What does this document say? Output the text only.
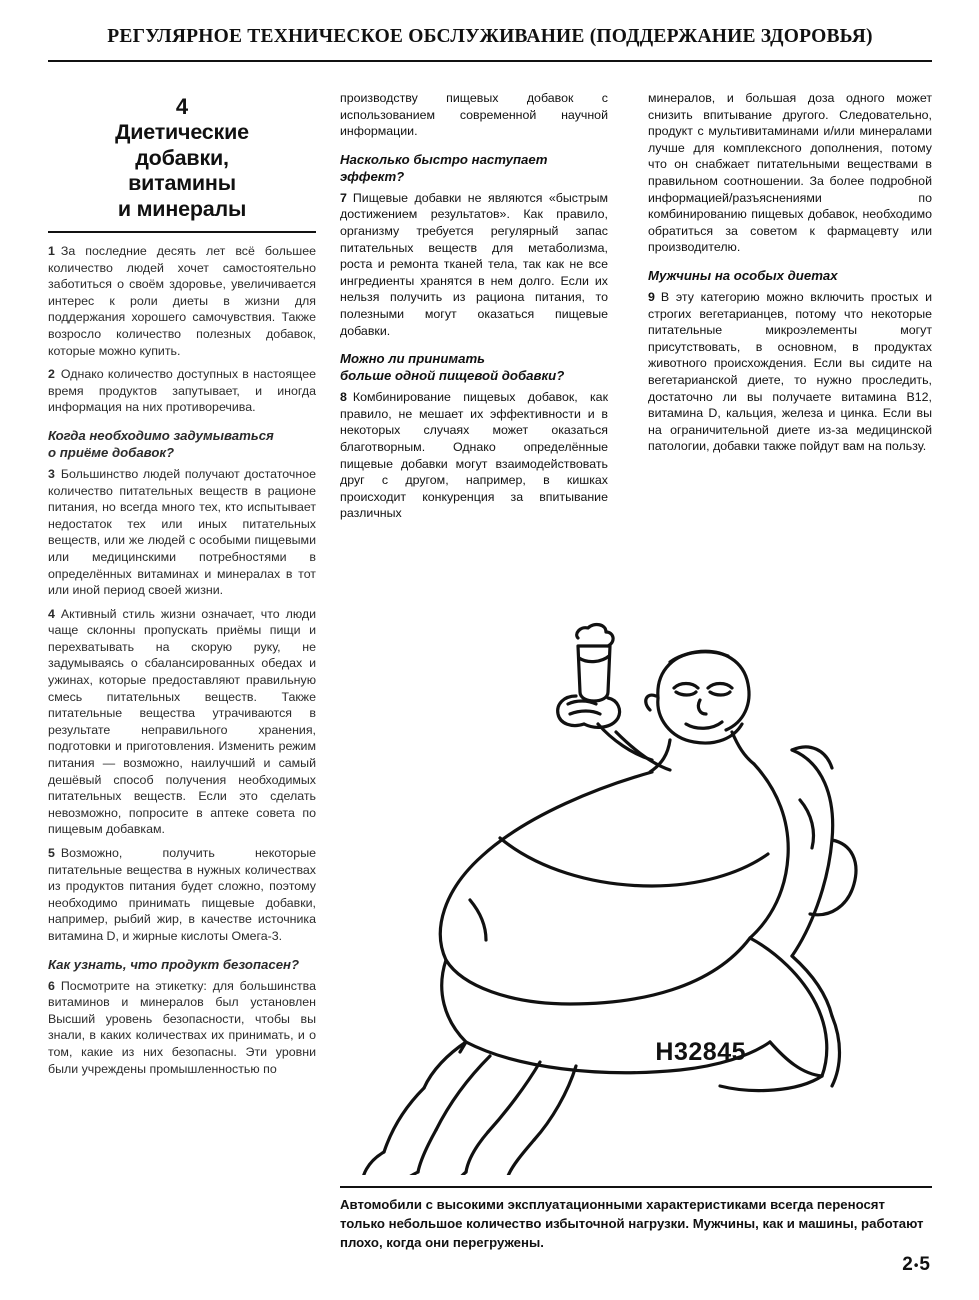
РЕГУЛЯРНОЕ ТЕХНИЧЕСКОЕ ОБСЛУЖИВАНИЕ (ПОДДЕРЖАНИЕ ЗДОРОВЬЯ)
4
Диетические
добавки,
витамины
и минералы

1 За последние десять лет всё большее количество людей хочет самостоятельно заботиться о своём здоровье, увеличивается интерес к роли диеты в жизни для поддержания хорошего самочувствия. Также возросло количество полезных добавок, которые можно купить.

2 Однако количество доступных в настоящее время продуктов запутывает, и иногда информация на них противоречива.

Когда необходимо задумываться
о приёме добавок?

3 Большинство людей получают достаточное количество питательных веществ в рационе питания, но всегда много тех, кто испытывает недостаток тех или иных питательных веществ, или же людей с особыми пищевыми или медицинскими потребностями в определённых витаминах и минералах в тот или иной период своей жизни.

4 Активный стиль жизни означает, что люди чаще склонны пропускать приёмы пищи и перехватывать на скорую руку, не задумываясь о сбалансированных обедах и ужинах, которые предоставляют правильную смесь питательных веществ. Также питательные вещества утрачиваются в результате неправильного хранения, подготовки и приготовления. Изменить режим питания — возможно, наилучший и самый дешёвый способ получения необходимых питательных веществ. Если это сделать невозможно, попросите в аптеке совета по пищевым добавкам.

5 Возможно, получить некоторые питательные вещества в нужных количествах из продуктов питания будет сложно, поэтому необходимо принимать пищевые добавки, например, рыбий жир, в качестве источника витамина D, и жирные кислоты Омега-3.

Как узнать, что продукт безопасен?

6 Посмотрите на этикетку: для большинства витаминов и минералов был установлен Высший уровень безопасности, чтобы вы знали, в каких количествах их принимать, и о том, какие из них безопасны. Эти уровни были учреждены промышленностью по

производству пищевых добавок с использованием современной научной информации.

Насколько быстро наступает эффект?

7 Пищевые добавки не являются «быстрым достижением результатов». Как правило, организму требуется регулярный запас питательных веществ для метаболизма, роста и ремонта тканей тела, так как не все ингредиенты хранятся в нем долго. Если их нельзя получить из рациона питания, то полезными могут оказаться пищевые добавки.

Можно ли принимать
больше одной пищевой добавки?

8 Комбинирование пищевых добавок, как правило, не мешает их эффективности и в некоторых случаях может оказаться благотворным. Однако определённые пищевые добавки могут взаимодействовать друг с другом, например, в кишках происходит конкуренция за впитывание различных

минералов, и большая доза одного может снизить впитывание другого. Следовательно, продукт с мультивитаминами и/или минералами лучше для комплексного дополнения, потому что он снабжает питательными веществами в правильном соотношении. За более подробной информацией/разъяснениями по комбинированию пищевых добавок, необходимо обратиться за советом к фармацевту или производителю.

Мужчины на особых диетах

9 В эту категорию можно включить простых и строгих вегетарианцев, потому что некоторые питательные микроэлементы могут присутствовать, в основном, в продуктах животного происхождения. Если вы сидите на вегетарианской диете, то нужно проследить, достаточно ли вы получаете витамина B12, витамина D, кальция, железа и цинка. Если вы на ограничительной диете из-за медицинской патологии, добавки также пойдут вам на пользу.

H32845
Автомобили с высокими эксплуатационными характеристиками всегда переносят только небольшое количество избыточной нагрузки. Мужчины, как и машины, работают плохо, когда они перегружены.
2•5
